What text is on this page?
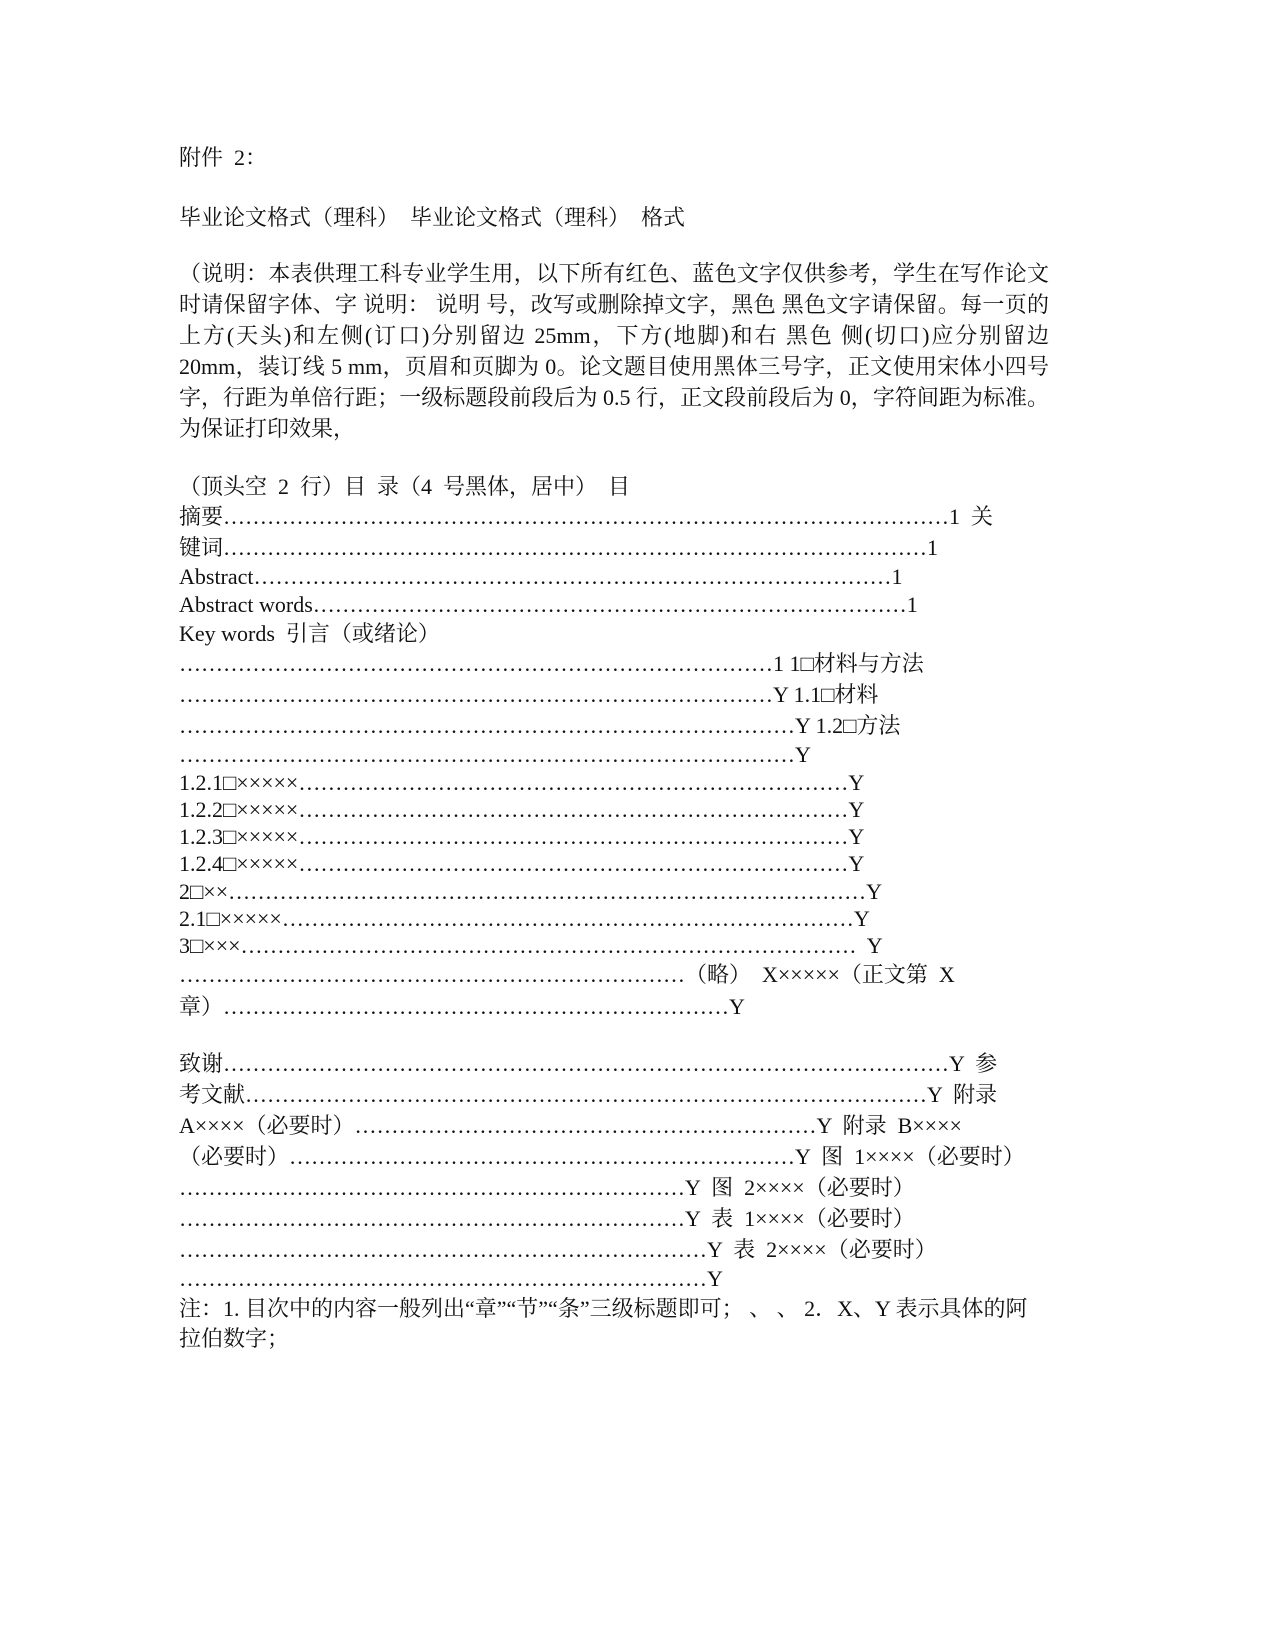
附件  2：
毕业论文格式（理科）  毕业论文格式（理科）  格式
（说明：本表供理工科专业学生用，以下所有红色、蓝色文字仅供参考，学生在写作论文时请保留字体、字 说明： 说明 号，改写或删除掉文字，黑色 黑色文字请保留。每一页的上方(天头)和左侧(订口)分别留边 25mm，下方(地脚)和右 黑色 侧(切口)应分别留边 20mm，装订线 5 mm，页眉和页脚为 0。论文题目使用黑体三号字，正文使用宋体小四号 字，行距为单倍行距；一级标题段前段后为 0.5 行，正文段前段后为 0，字符间距为标准。为保证打印效果，
（顶头空  2  行）目  录（4  号黑体，居中）  目
摘要………………………………………………………………………………………1  关
键词……………………………………………………………………………………1
Abstract……………………………………………………………………………1
Abstract words………………………………………………………………………1
Key words  引言（或绪论）
………………………………………………………………………1 1□材料与方法
………………………………………………………………………Y 1.1□材料
…………………………………………………………………………Y 1.2□方法
…………………………………………………………………………Y
1.2.1□×××××…………………………………………………………………Y
1.2.2□×××××…………………………………………………………………Y
1.2.3□×××××…………………………………………………………………Y
1.2.4□×××××…………………………………………………………………Y
2□××……………………………………………………………………………Y
2.1□×××××……………………………………………………………………Y
3□×××…………………………………………………………………………  Y
……………………………………………………………（略）  X×××××（正文第  X
章）……………………………………………………………Y
致谢………………………………………………………………………………………Y  参
考文献…………………………………………………………………………………Y  附录
A××××（必要时）………………………………………………………Y  附录  B××××
（必要时）……………………………………………………………Y  图  1××××（必要时）
……………………………………………………………Y  图  2××××（必要时）
……………………………………………………………Y  表  1××××（必要时）
………………………………………………………………Y  表  2××××（必要时）
………………………………………………………………Y
注：1. 目次中的内容一般列出“章”“节”“条”三级标题即可； 、 、 2．X、Y 表示具体的阿拉伯数字；
